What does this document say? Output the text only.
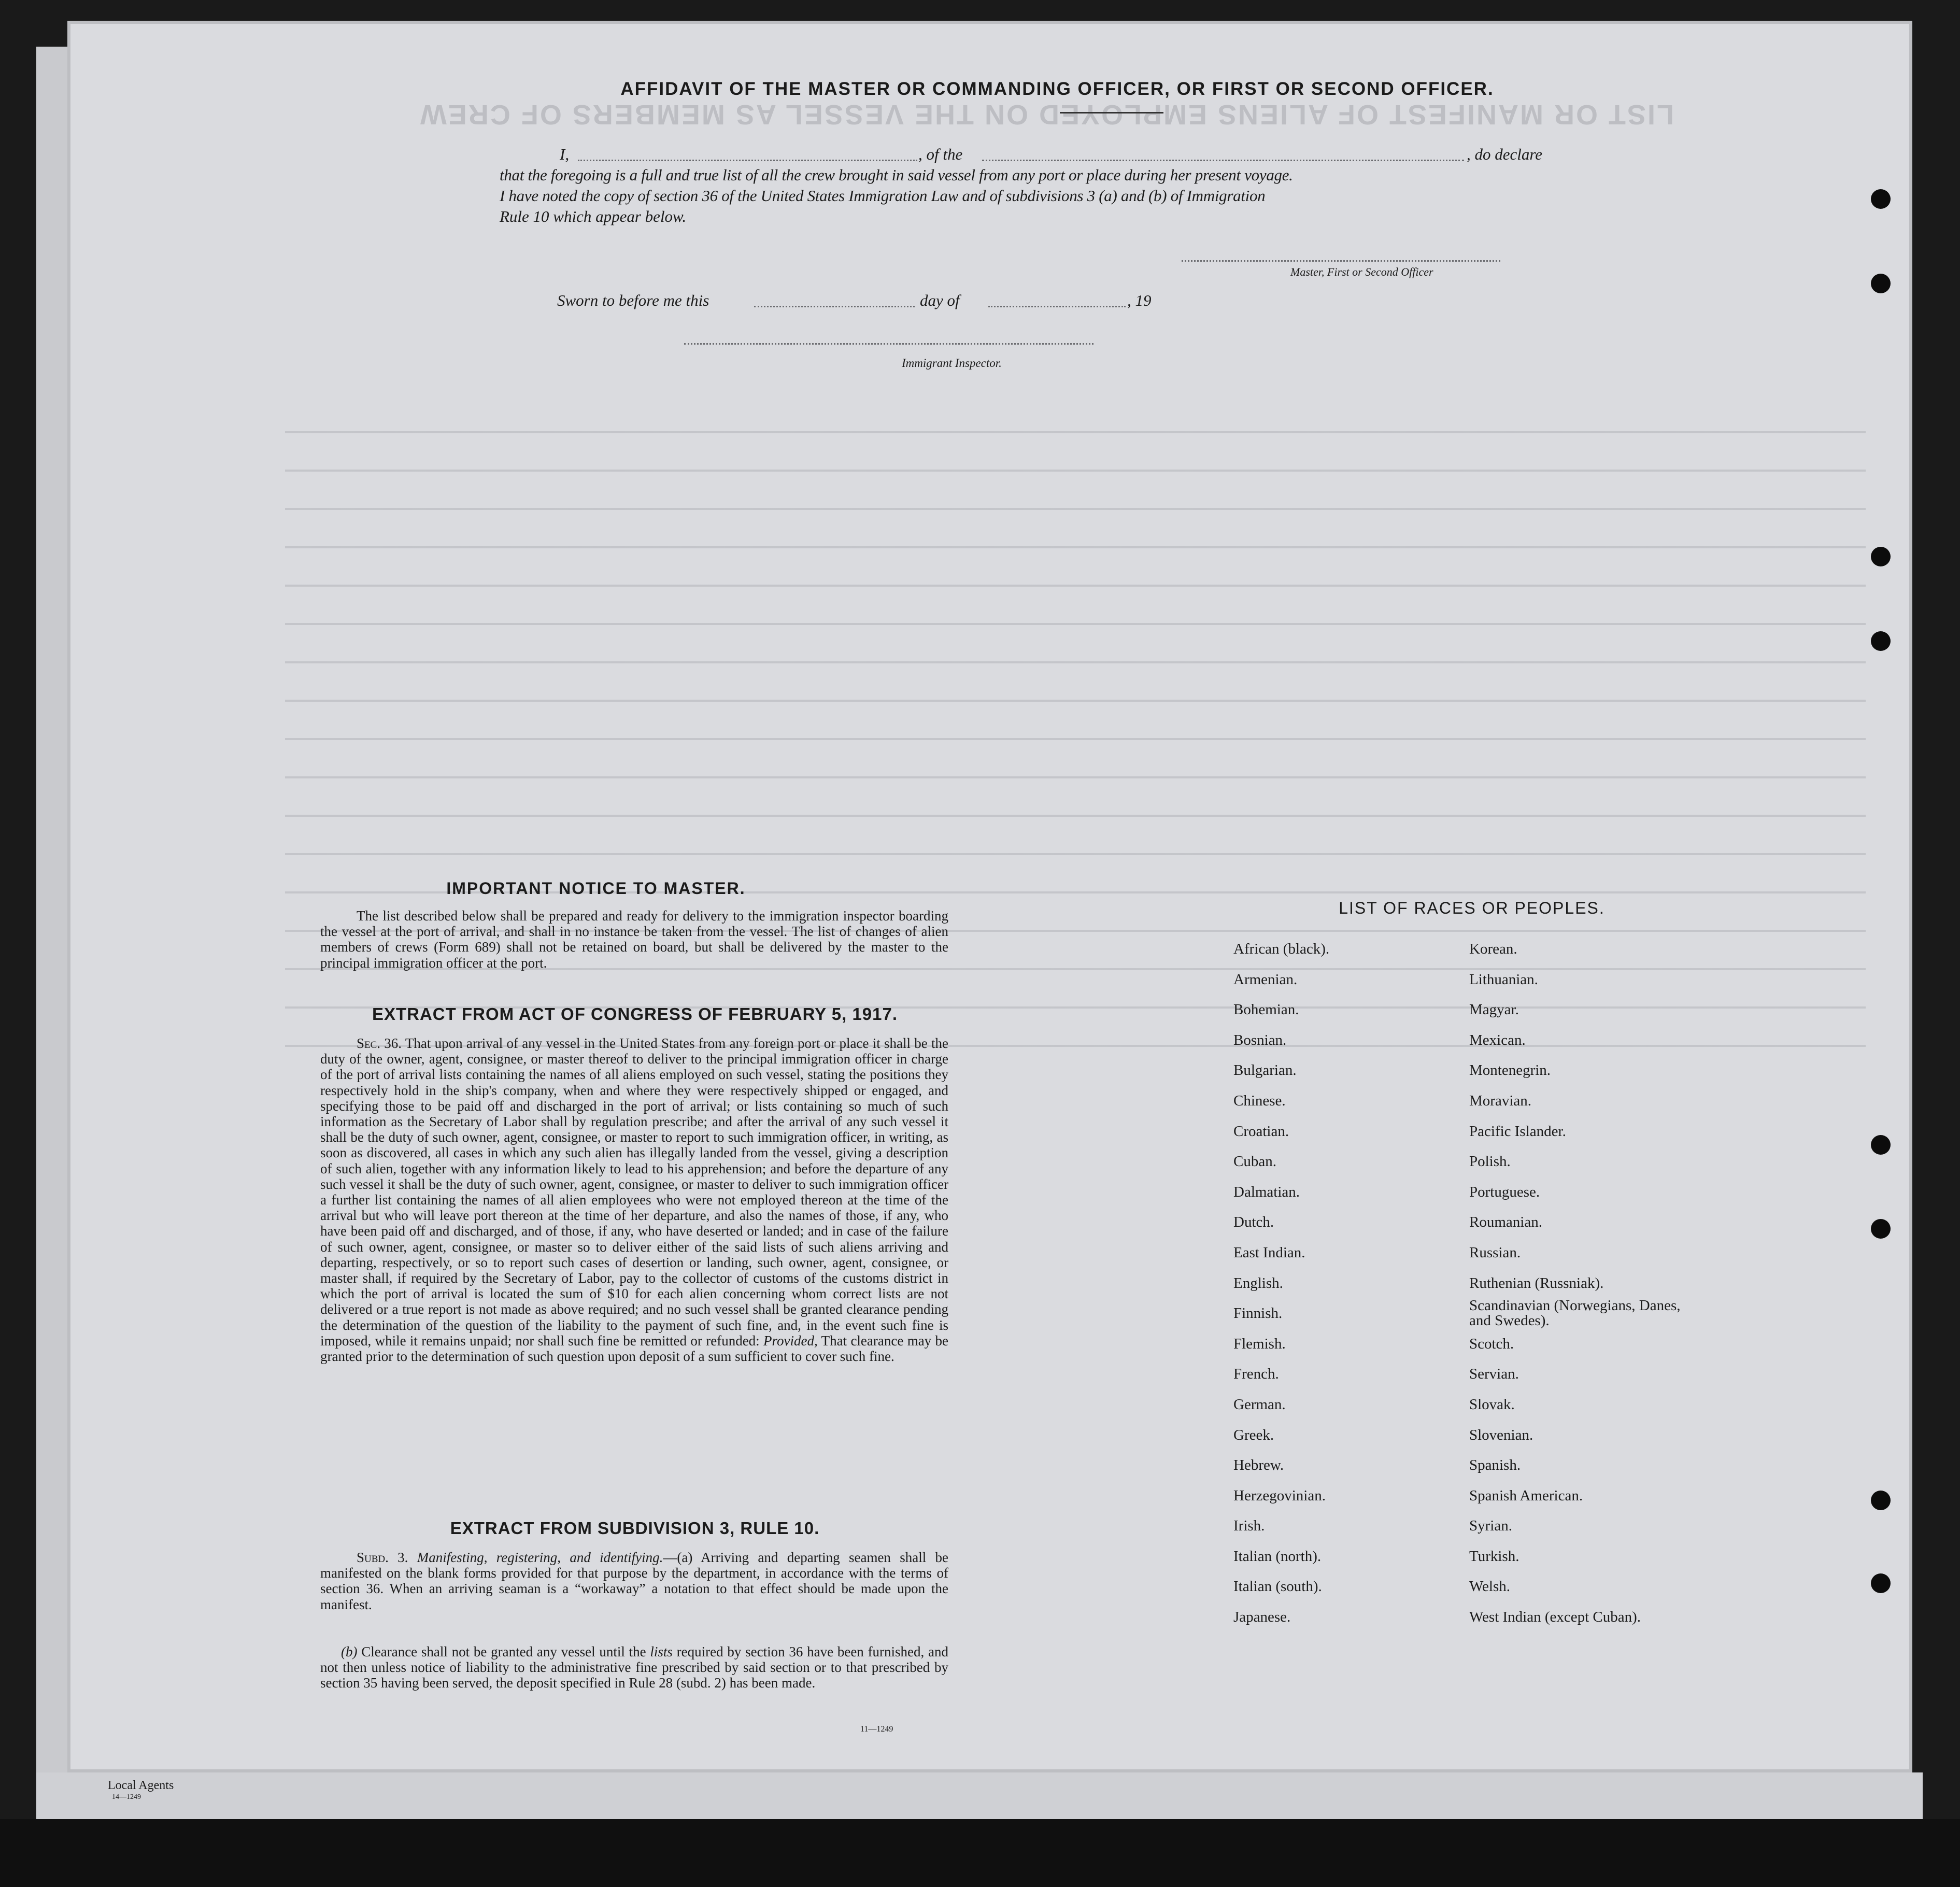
LIST OR MANIFEST OF ALIENS EMPLOYED ON THE VESSEL AS MEMBERS OF CREW
AFFIDAVIT OF THE MASTER OR COMMANDING OFFICER, OR FIRST OR SECOND OFFICER.
I,	, of the	, do declare
that the foregoing is a full and true list of all the crew brought in said vessel from any port or place during her present voyage.
I have noted the copy of section 36 of the United States Immigration Law and of subdivisions 3 (a) and (b) of Immigration
Rule 10 which appear below.
Master, First or Second Officer
Sworn to before me this	day of	, 19
Immigrant Inspector.
IMPORTANT NOTICE TO MASTER.
The list described below shall be prepared and ready for delivery to the immigration inspector boarding the vessel at the port of arrival, and shall in no instance be taken from the vessel. The list of changes of alien members of crews (Form 689) shall not be retained on board, but shall be delivered by the master to the principal immigration officer at the port.
EXTRACT FROM ACT OF CONGRESS OF FEBRUARY 5, 1917.
Sec. 36. That upon arrival of any vessel in the United States from any foreign port or place it shall be the duty of the owner, agent, consignee, or master thereof to deliver to the principal immigration officer in charge of the port of arrival lists containing the names of all aliens employed on such vessel, stating the positions they respectively hold in the ship's company, when and where they were respectively shipped or engaged, and specifying those to be paid off and discharged in the port of arrival; or lists containing so much of such information as the Secretary of Labor shall by regulation prescribe; and after the arrival of any such vessel it shall be the duty of such owner, agent, consignee, or master to report to such immigration officer, in writing, as soon as discovered, all cases in which any such alien has illegally landed from the vessel, giving a description of such alien, together with any information likely to lead to his apprehension; and before the departure of any such vessel it shall be the duty of such owner, agent, consignee, or master to deliver to such immigration officer a further list containing the names of all alien employees who were not employed thereon at the time of the arrival but who will leave port thereon at the time of her departure, and also the names of those, if any, who have been paid off and discharged, and of those, if any, who have deserted or landed; and in case of the failure of such owner, agent, consignee, or master so to deliver either of the said lists of such aliens arriving and departing, respectively, or so to report such cases of desertion or landing, such owner, agent, consignee, or master shall, if required by the Secretary of Labor, pay to the collector of customs of the customs district in which the port of arrival is located the sum of $10 for each alien concerning whom correct lists are not delivered or a true report is not made as above required; and no such vessel shall be granted clearance pending the determination of the question of the liability to the payment of such fine, and, in the event such fine is imposed, while it remains unpaid; nor shall such fine be remitted or refunded: Provided, That clearance may be granted prior to the determination of such question upon deposit of a sum sufficient to cover such fine.
EXTRACT FROM SUBDIVISION 3, RULE 10.
Subd. 3. Manifesting, registering, and identifying.—(a) Arriving and departing seamen shall be manifested on the blank forms provided for that purpose by the department, in accordance with the terms of section 36. When an arriving seaman is a “workaway” a notation to that effect should be made upon the manifest.
(b) Clearance shall not be granted any vessel until the lists required by section 36 have been furnished, and not then unless notice of liability to the administrative fine prescribed by said section or to that prescribed by section 35 having been served, the deposit specified in Rule 28 (subd. 2) has been made.
11—1249
LIST OF RACES OR PEOPLES.
African (black).
Armenian.
Bohemian.
Bosnian.
Bulgarian.
Chinese.
Croatian.
Cuban.
Dalmatian.
Dutch.
East Indian.
English.
Finnish.
Flemish.
French.
German.
Greek.
Hebrew.
Herzegovinian.
Irish.
Italian (north).
Italian (south).
Japanese.
Korean.
Lithuanian.
Magyar.
Mexican.
Montenegrin.
Moravian.
Pacific Islander.
Polish.
Portuguese.
Roumanian.
Russian.
Ruthenian (Russniak).
Scandinavian (Norwegians, Danes, and Swedes).
Scotch.
Servian.
Slovak.
Slovenian.
Spanish.
Spanish American.
Syrian.
Turkish.
Welsh.
West Indian (except Cuban).
Local Agents
14—1249
